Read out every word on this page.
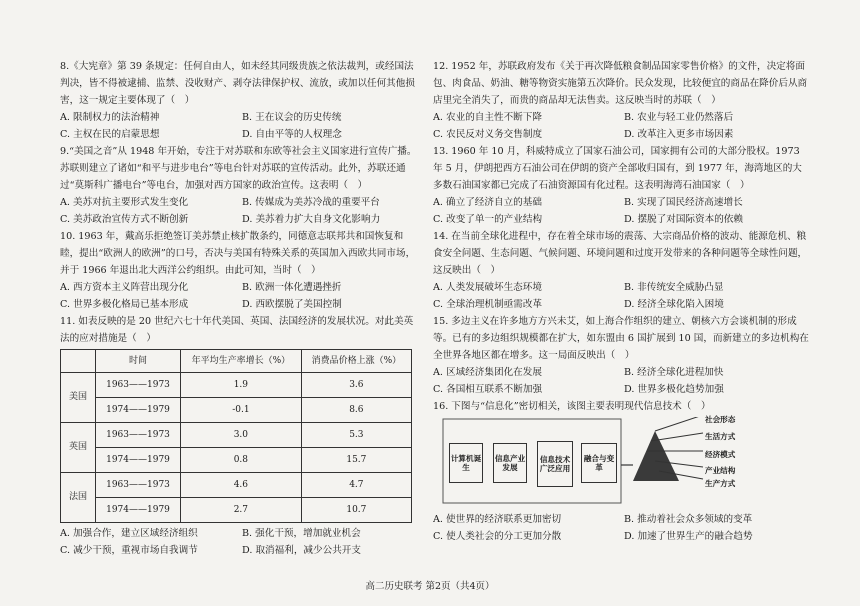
8.《大宪章》第 39 条规定：任何自由人，如未经其同级贵族之依法裁判，或经国法判决，皆不得被逮捕、监禁、没收财产、剥夺法律保护权、流放，或加以任何其他损害，这一规定主要体现了（　）

A. 限制权力的法治精神	B. 王在议会的历史传统
C. 主权在民的启蒙思想	D. 自由平等的人权理念

9.“美国之音”从 1948 年开始，专注于对苏联和东欧等社会主义国家进行宣传广播。苏联则建立了诸如“和平与进步电台”等电台针对苏联的宣传活动。此外，苏联还通过“莫斯科广播电台”等电台，加强对西方国家的政治宣传。这表明（　）

A. 美苏对抗主要形式发生变化	B. 传媒成为美苏冷战的重要平台
C. 美苏政治宣传方式不断创新	D. 美苏着力扩大自身文化影响力

10. 1963 年，戴高乐拒绝签订美苏禁止核扩散条约，同德意志联邦共和国恢复和睦，提出“欧洲人的欧洲”的口号，否决与美国有特殊关系的英国加入西欧共同市场，并于 1966 年退出北大西洋公约组织。由此可知，当时（　）

A. 西方资本主义阵营出现分化	B. 欧洲一体化遭遇挫折
C. 世界多极化格局已基本形成	D. 西欧摆脱了美国控制

11. 如表反映的是 20 世纪六七十年代美国、英国、法国经济的发展状况。对此美英法的应对措施是（　）

	时间	年平均生产率增长（%）	消费品价格上涨（%）
美国	1963——1973	1.9	3.6
	1974——1979	-0.1	8.6
英国	1963——1973	3.0	5.3
	1974——1979	0.8	15.7
法国	1963——1973	4.6	4.7
	1974——1979	2.7	10.7
A. 加强合作，建立区域经济组织	B. 强化干预，增加就业机会
C. 减少干预，重视市场自我调节	D. 取消福利，减少公共开支

12. 1952 年，苏联政府发布《关于再次降低粮食制品国家零售价格》的文件，决定将面包、肉食品、奶油、糖等物资实施第五次降价。民众发现，比较便宜的商品在降价后从商店里完全消失了，而贵的商品却无法售卖。这反映当时的苏联（　）

A. 农业的自主性不断下降	B. 农业与轻工业仍然落后
C. 农民反对义务交售制度	D. 改革注入更多市场因素

13. 1960 年 10 月，科威特成立了国家石油公司，国家拥有公司的大部分股权。1973 年 5 月，伊朗把西方石油公司在伊朗的资产全部收归国有，到 1977 年，海湾地区的大多数石油国家都已完成了石油资源国有化过程。这表明海湾石油国家（　）

A. 确立了经济自立的基础	B. 实现了国民经济高速增长
C. 改变了单一的产业结构	D. 摆脱了对国际资本的依赖

14. 在当前全球化进程中，存在着全球市场的震荡、大宗商品价格的波动、能源危机、粮食安全问题、生态问题、气候问题、环境问题和过度开发带来的各种问题等全球性问题，这反映出（　）

A. 人类发展破坏生态环境	B. 非传统安全威胁凸显
C. 全球治理机制亟需改革	D. 经济全球化陷入困境

15. 多边主义在许多地方方兴未艾，如上海合作组织的建立、朝核六方会谈机制的形成等。已有的多边组织规模都在扩大，如东盟由 6 国扩展到 10 国，而新建立的多边机构在全世界各地区都在增多。这一局面反映出（　）

A. 区域经济集团化在发展	B. 经济全球化进程加快
C. 各国相互联系不断加强	D. 世界多极化趋势加强

16. 下图与“信息化”密切相关，该图主要表明现代信息技术（　）

计算机诞生
信息产业发展
信息技术广泛应用
融合与变革
社会形态
生活方式
经济模式
产业结构
生产方式
A. 使世界的经济联系更加密切	B. 推动着社会众多领域的变革
C. 使人类社会的分工更加分散	D. 加速了世界生产的融合趋势
高二历史联考 第2页（共4页）
